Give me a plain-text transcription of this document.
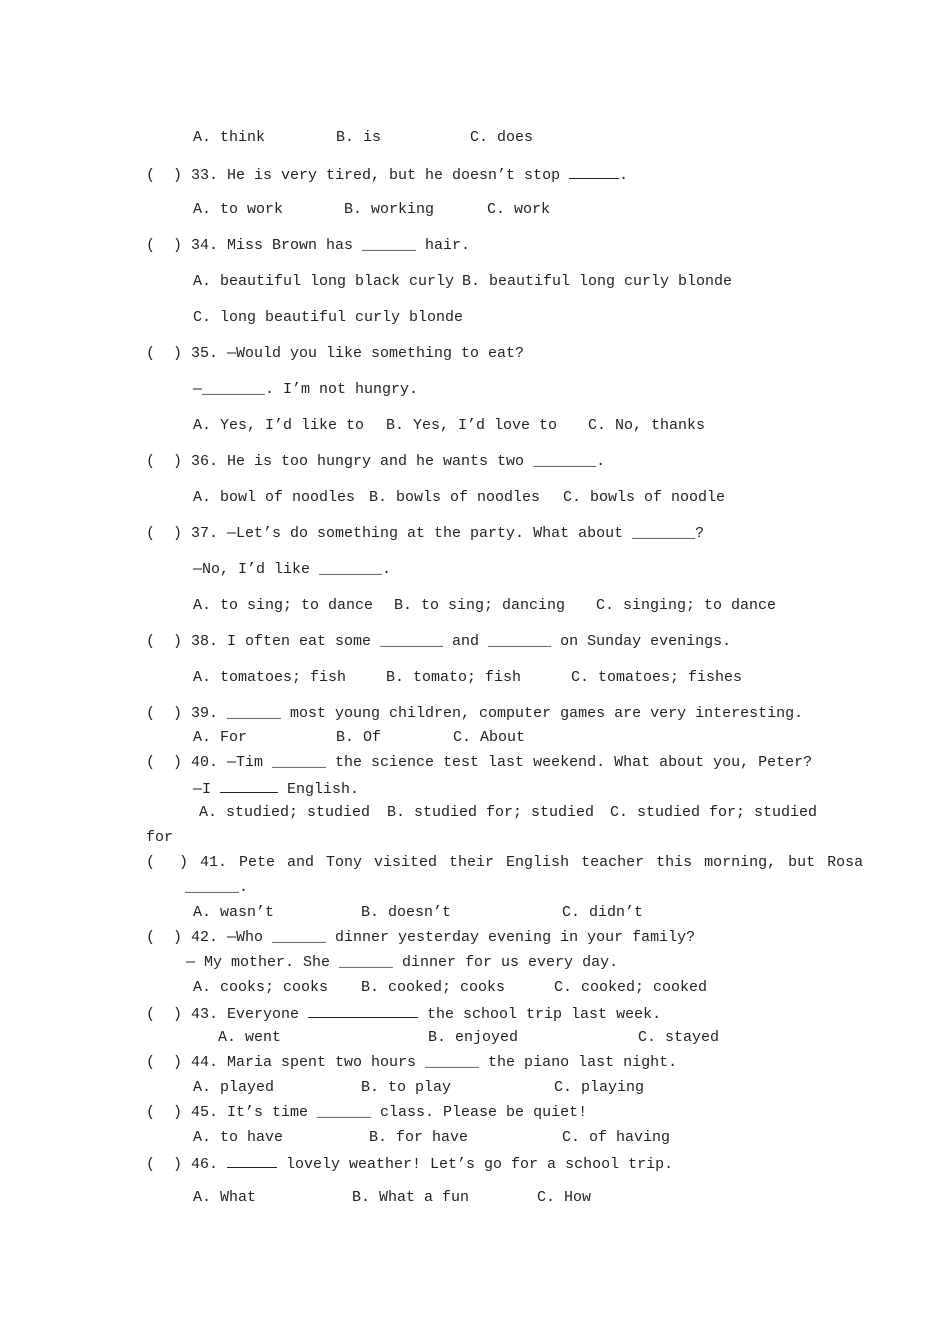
A. think	B. is	C. does
(  ) 33. He is very tired, but he doesn’t stop	.
A. to work	B. working	C. work
(  ) 34. Miss Brown has ______ hair.
A. beautiful long black curly B. beautiful long curly blonde
C. long beautiful curly blonde
(  ) 35. —Would you like something to eat?
—_______. I’m not hungry.
A. Yes, I’d like to B. Yes, I’d love to C. No, thanks
(  ) 36. He is too hungry and he wants two _______.
A. bowl of noodles B. bowls of noodles C. bowls of noodle
(  ) 37. —Let’s do something at the party. What about _______?
—No, I’d like _______.
A. to sing; to dance B. to sing; dancing C. singing; to dance
(  ) 38. I often eat some _______ and _______ on Sunday evenings.
A. tomatoes; fish	B. tomato; fish	C. tomatoes; fishes
(  ) 39. ______ most young children, computer games are very interesting.
A. For	B. Of	C. About
(  ) 40. —Tim ______ the science test last weekend. What about you, Peter?
—I	English.
A. studied; studied B. studied for; studied C. studied for; studied
for
(  ) 41. Pete and Tony visited their English teacher this morning, but Rosa
______.
A. wasn’t	B. doesn’t	C. didn’t
(  ) 42. —Who ______ dinner yesterday evening in your family?
— My mother. She ______ dinner for us every day.
A. cooks; cooks B. cooked; cooks	C. cooked; cooked
(  ) 43. Everyone	the school trip last week.
A. went	B. enjoyed	C. stayed
(  ) 44. Maria spent two hours ______ the piano last night.
A. played	B. to play	C. playing
(  ) 45. It’s time ______ class. Please be quiet!
A. to have	B. for have	C. of having
(  ) 46.	lovely weather! Let’s go for a school trip.
A. What	B. What a fun	C. How
